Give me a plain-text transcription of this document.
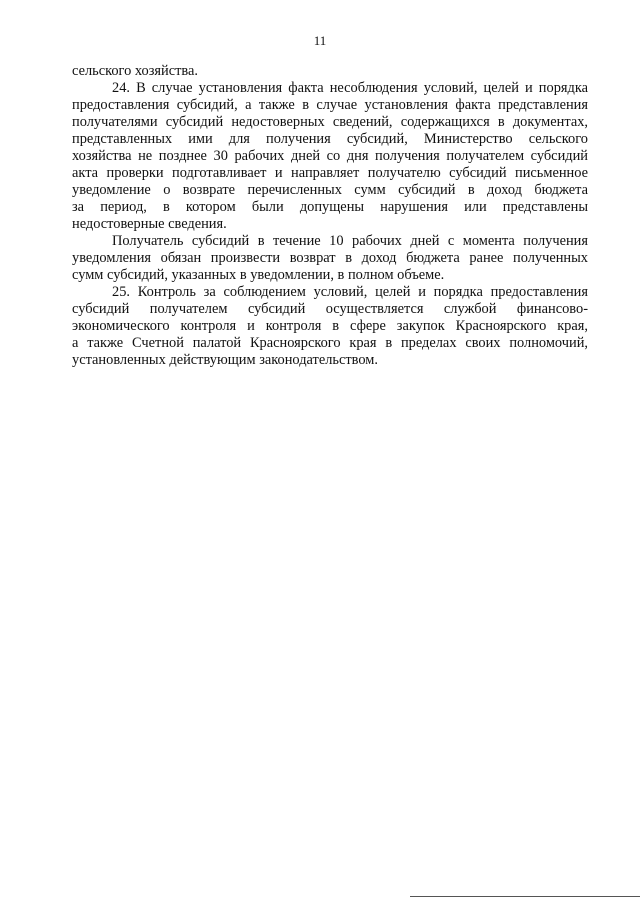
11
сельского хозяйства.
24. В случае установления факта несоблюдения условий, целей и порядка
предоставления субсидий, а также в случае установления факта представления
получателями субсидий недостоверных сведений, содержащихся в документах,
представленных ими для получения субсидий, Министерство сельского
хозяйства не позднее 30 рабочих дней со дня получения получателем субсидий
акта проверки подготавливает и направляет получателю субсидий письменное
уведомление о возврате перечисленных сумм субсидий в доход бюджета
за период, в котором были допущены нарушения или представлены
недостоверные сведения.
Получатель субсидий в течение 10 рабочих дней с момента получения
уведомления обязан произвести возврат в доход бюджета ранее полученных
сумм субсидий, указанных в уведомлении, в полном объеме.
25. Контроль за соблюдением условий, целей и порядка предоставления
субсидий получателем субсидий осуществляется службой финансово-
экономического контроля и контроля в сфере закупок Красноярского края,
а также Счетной палатой Красноярского края в пределах своих полномочий,
установленных действующим законодательством.
